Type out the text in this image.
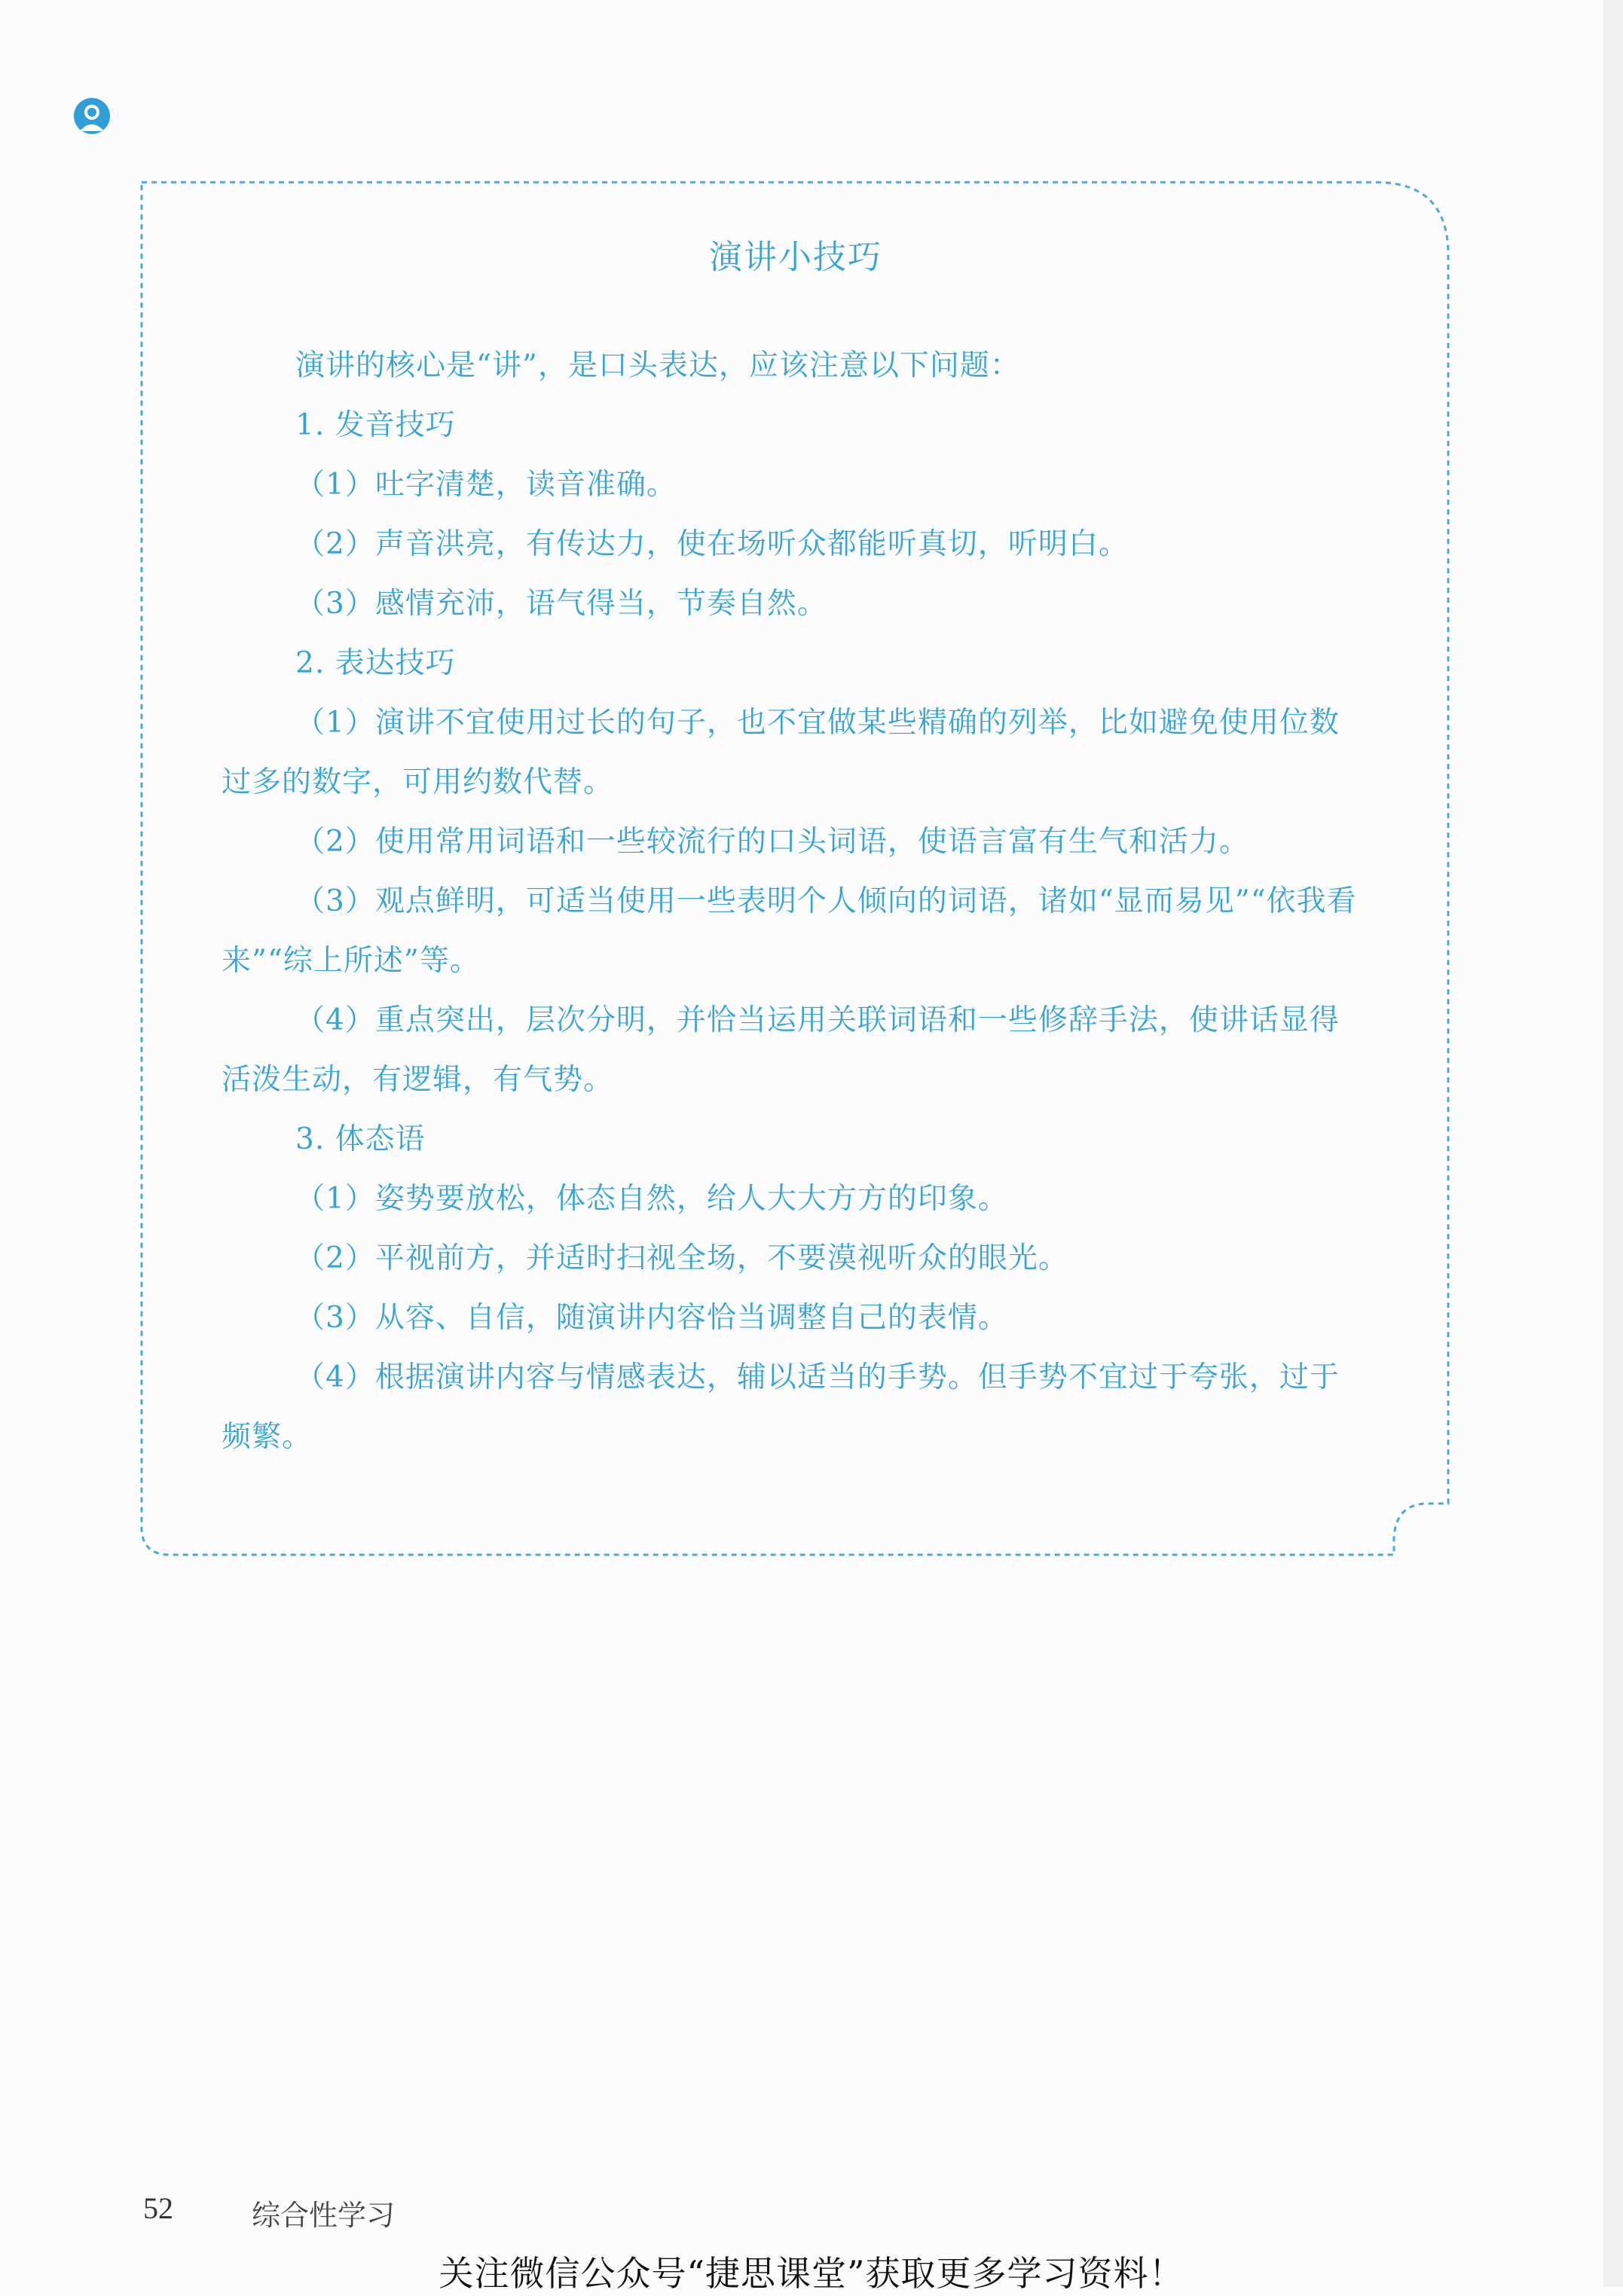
演讲小技巧

演讲的核心是“讲”，是口头表达，应该注意以下问题：

1. 发音技巧

（1）吐字清楚，读音准确。

（2）声音洪亮，有传达力，使在场听众都能听真切，听明白。

（3）感情充沛，语气得当，节奏自然。

2. 表达技巧

（1）演讲不宜使用过长的句子，也不宜做某些精确的列举，比如避免使用位数过多的数字，可用约数代替。

（2）使用常用词语和一些较流行的口头词语，使语言富有生气和活力。

（3）观点鲜明，可适当使用一些表明个人倾向的词语，诸如“显而易见”“依我看来”“综上所述”等。

（4）重点突出，层次分明，并恰当运用关联词语和一些修辞手法，使讲话显得活泼生动，有逻辑，有气势。

3. 体态语

（1）姿势要放松，体态自然，给人大大方方的印象。

（2）平视前方，并适时扫视全场，不要漠视听众的眼光。

（3）从容、自信，随演讲内容恰当调整自己的表情。

（4）根据演讲内容与情感表达，辅以适当的手势。但手势不宜过于夸张，过于频繁。

52	综合性学习
关注微信公众号“捷思课堂”获取更多学习资料！
